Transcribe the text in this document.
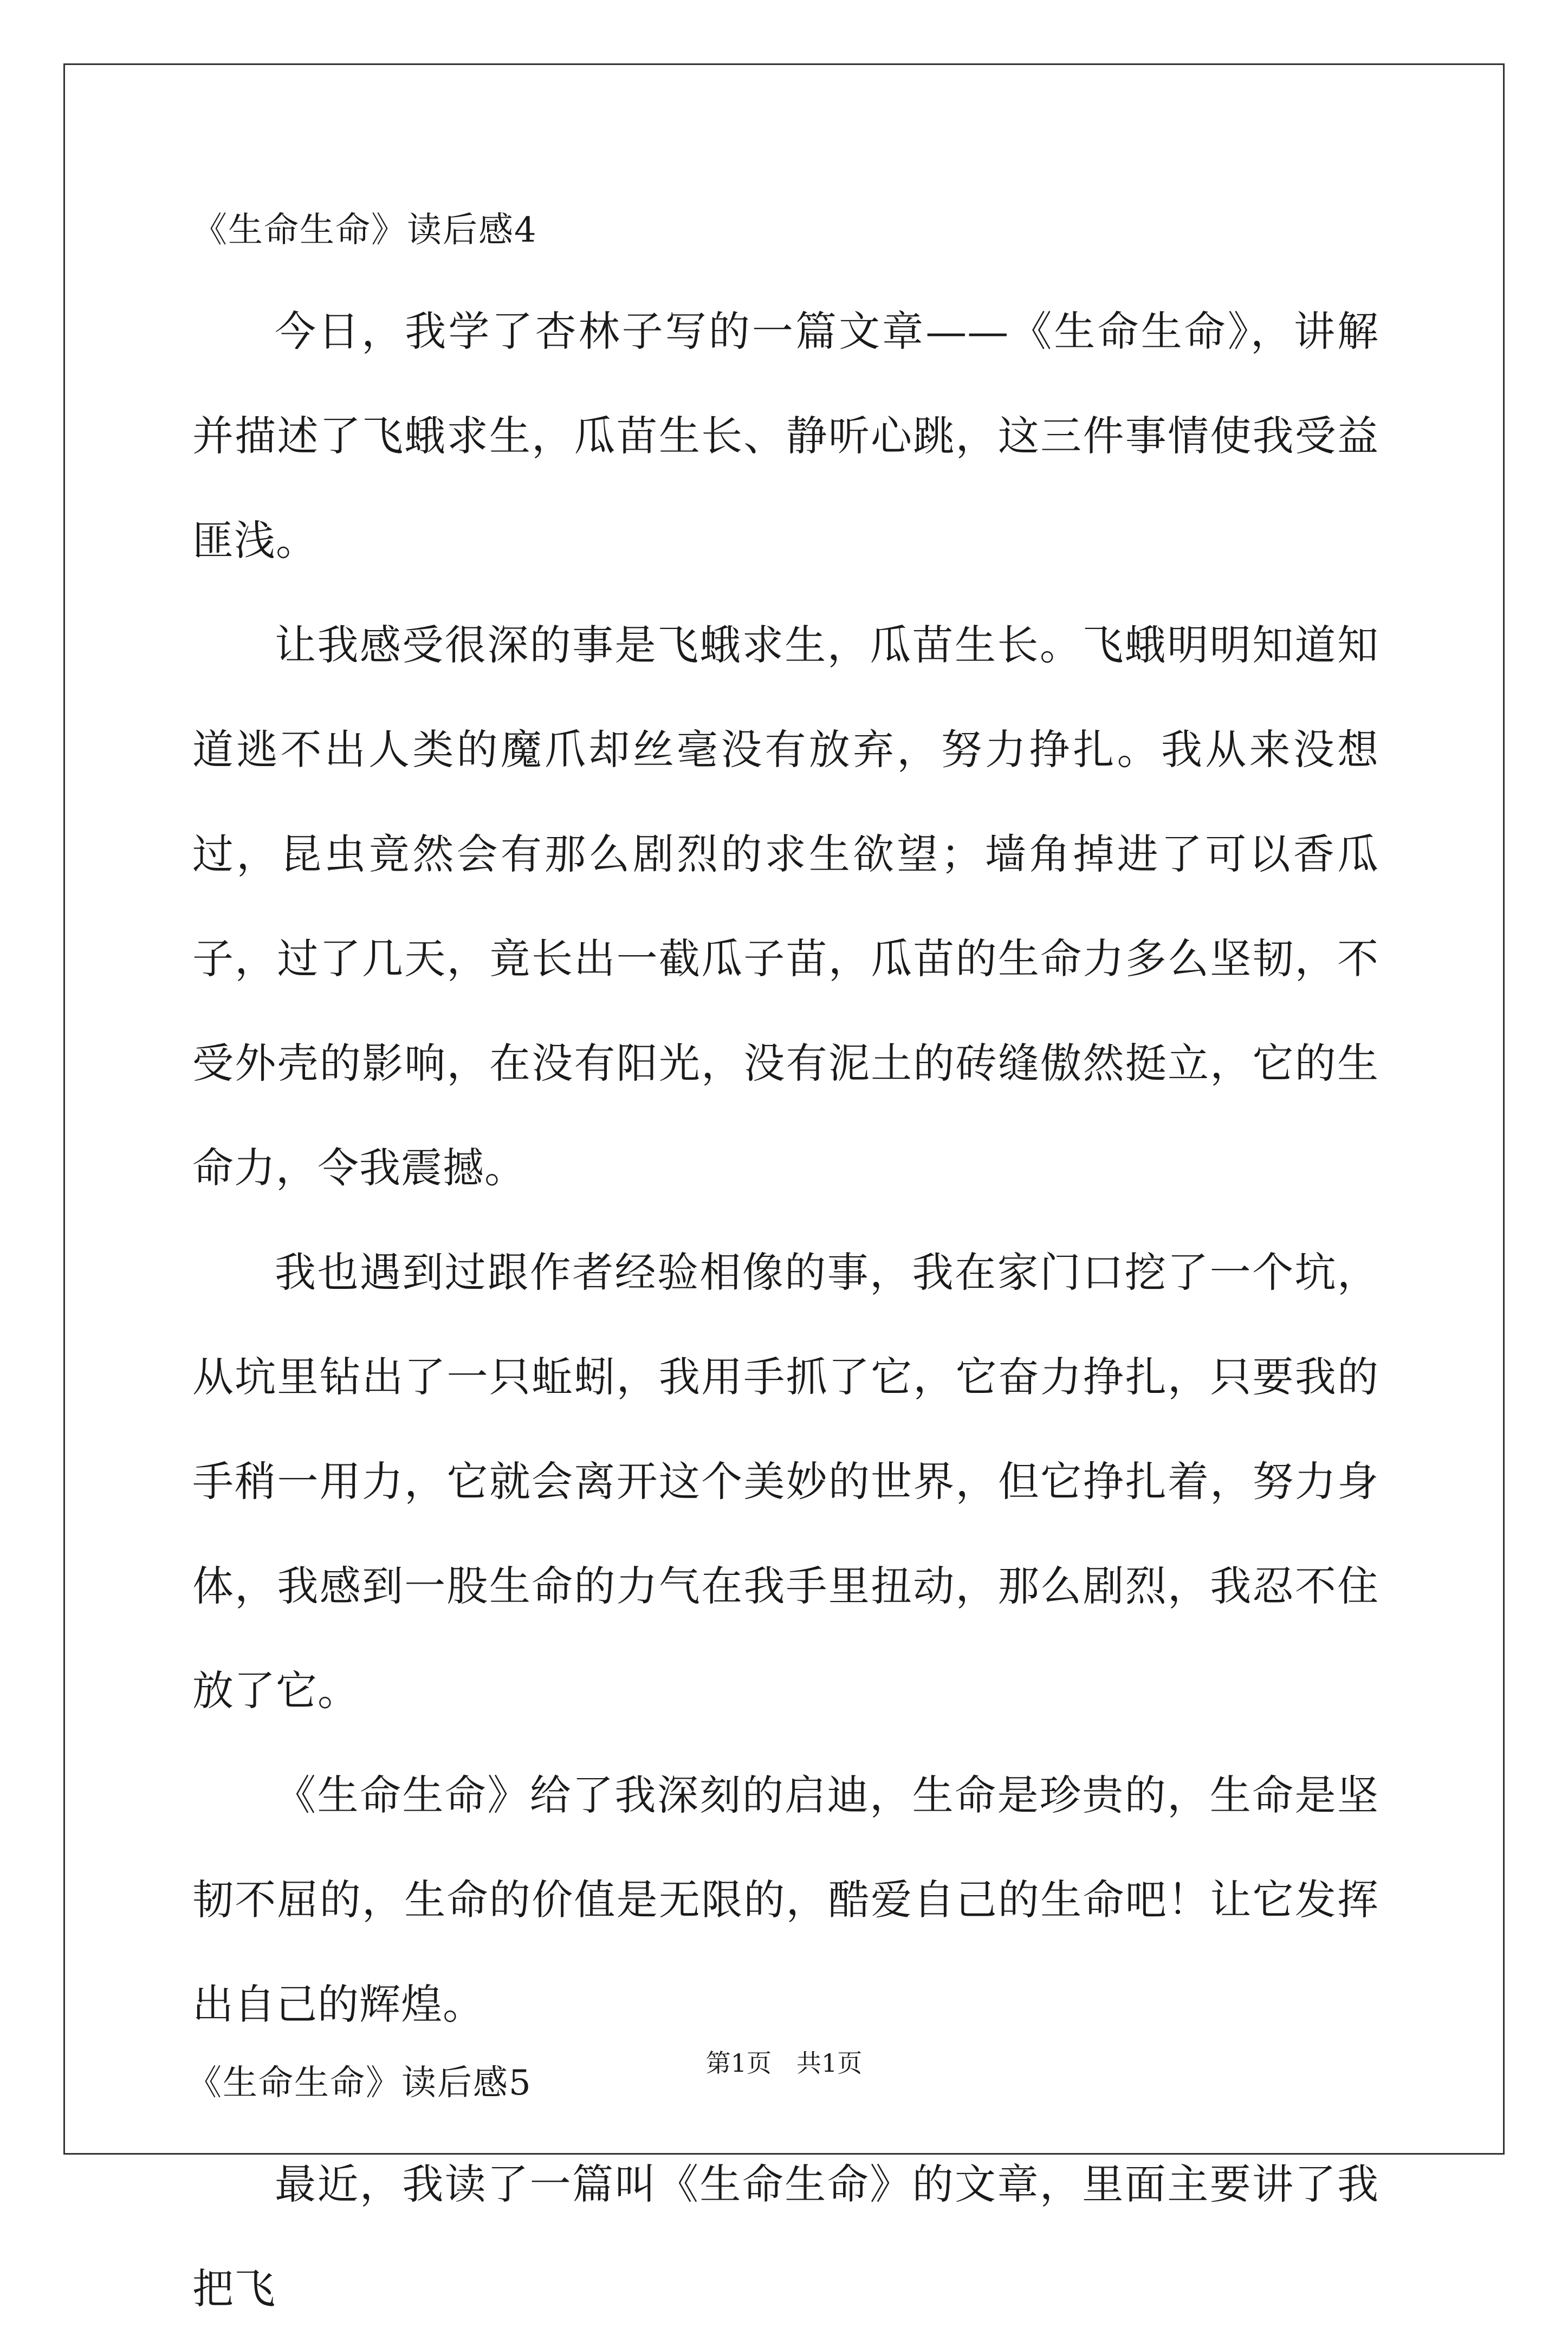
《生命生命》读后感4

今日，我学了杏林子写的一篇文章——《生命生命》，讲解并描述了飞蛾求生，瓜苗生长、静听心跳，这三件事情使我受益匪浅。

让我感受很深的事是飞蛾求生，瓜苗生长。飞蛾明明知道知道逃不出人类的魔爪却丝毫没有放弃，努力挣扎。我从来没想过，昆虫竟然会有那么剧烈的求生欲望；墙角掉进了可以香瓜子，过了几天，竟长出一截瓜子苗，瓜苗的生命力多么坚韧，不受外壳的影响，在没有阳光，没有泥土的砖缝傲然挺立，它的生命力，令我震撼。

我也遇到过跟作者经验相像的事，我在家门口挖了一个坑，从坑里钻出了一只蚯蚓，我用手抓了它，它奋力挣扎，只要我的手稍一用力，它就会离开这个美妙的世界，但它挣扎着，努力身体，我感到一股生命的力气在我手里扭动，那么剧烈，我忍不住放了它。

《生命生命》给了我深刻的启迪，生命是珍贵的，生命是坚韧不屈的，生命的价值是无限的，酷爱自己的生命吧！让它发挥出自己的辉煌。

《生命生命》读后感5

最近，我读了一篇叫《生命生命》的文章，里面主要讲了我把飞

第1页　共1页
